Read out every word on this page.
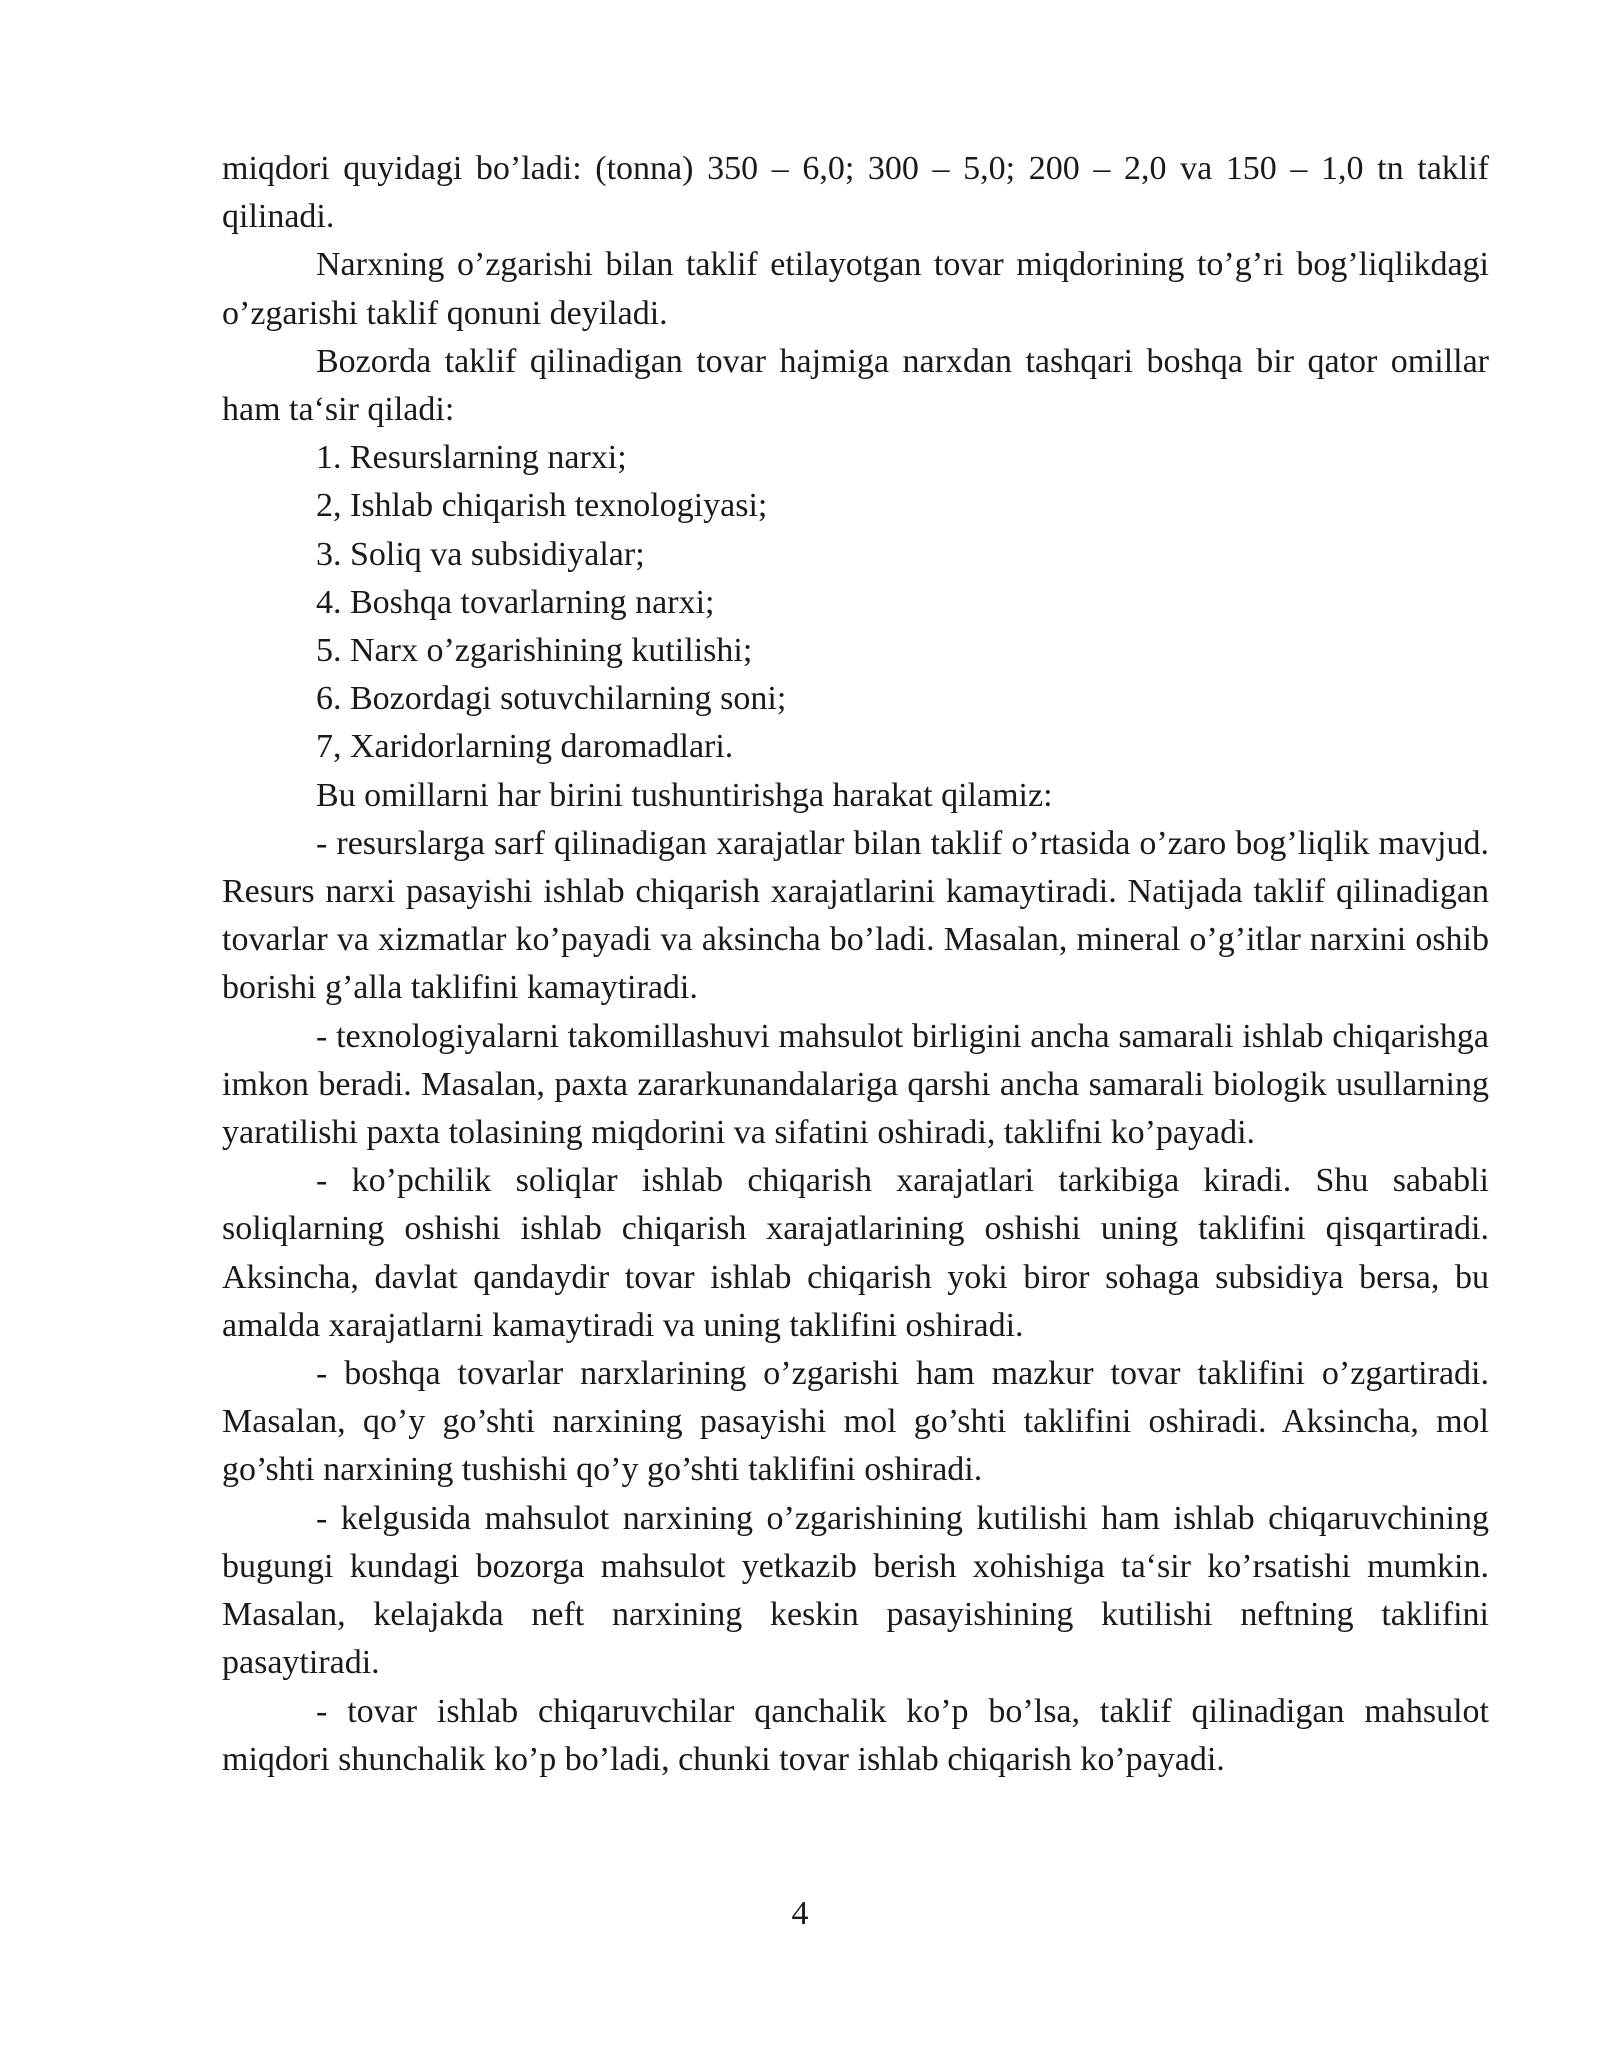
miqdori quyidagi bo’ladi: (tonna) 350 – 6,0; 300 – 5,0; 200 – 2,0 va 150 – 1,0 tn taklif qilinadi.

Narxning o’zgarishi bilan taklif etilayotgan tovar miqdorining to’g’ri bog’liqlikdagi o’zgarishi taklif qonuni deyiladi.

Bozorda taklif qilinadigan tovar hajmiga narxdan tashqari boshqa bir qator omillar ham ta‘sir qiladi:

1. Resurslarning narxi;

2, Ishlab chiqarish texnologiyasi;

3. Soliq va subsidiyalar;

4. Boshqa tovarlarning narxi;

5. Narx o’zgarishining kutilishi;

6. Bozordagi sotuvchilarning soni;

7, Xaridorlarning daromadlari.

Bu omillarni har birini tushuntirishga harakat qilamiz:

- resurslarga sarf qilinadigan xarajatlar bilan taklif o’rtasida o’zaro bog’liqlik mavjud. Resurs narxi pasayishi ishlab chiqarish xarajatlarini kamaytiradi. Natijada taklif qilinadigan tovarlar va xizmatlar ko’payadi va aksincha bo’ladi. Masalan, mineral o’g’itlar narxini oshib borishi g’alla taklifini kamaytiradi.

- texnologiyalarni takomillashuvi mahsulot birligini ancha samarali ishlab chiqarishga imkon beradi. Masalan, paxta zararkunandalariga qarshi ancha samarali biologik usullarning yaratilishi paxta tolasining miqdorini va sifatini oshiradi, taklifni ko’payadi.

- ko’pchilik soliqlar ishlab chiqarish xarajatlari tarkibiga kiradi. Shu sababli soliqlarning oshishi ishlab chiqarish xarajatlarining oshishi uning taklifini qisqartiradi. Aksincha, davlat qandaydir tovar ishlab chiqarish yoki biror sohaga subsidiya bersa, bu amalda xarajatlarni kamaytiradi va uning taklifini oshiradi.

- boshqa tovarlar narxlarining o’zgarishi ham mazkur tovar taklifini o’zgartiradi. Masalan, qo’y go’shti narxining pasayishi mol go’shti taklifini oshiradi. Aksincha, mol go’shti narxining tushishi qo’y go’shti taklifini oshiradi.

- kelgusida mahsulot narxining o’zgarishining kutilishi ham ishlab chiqaruvchining bugungi kundagi bozorga mahsulot yetkazib berish xohishiga ta‘sir ko’rsatishi mumkin. Masalan, kelajakda neft narxining keskin pasayishining kutilishi neftning taklifini pasaytiradi.

- tovar ishlab chiqaruvchilar qanchalik ko’p bo’lsa, taklif qilinadigan mahsulot miqdori shunchalik ko’p bo’ladi, chunki tovar ishlab chiqarish ko’payadi.

4
